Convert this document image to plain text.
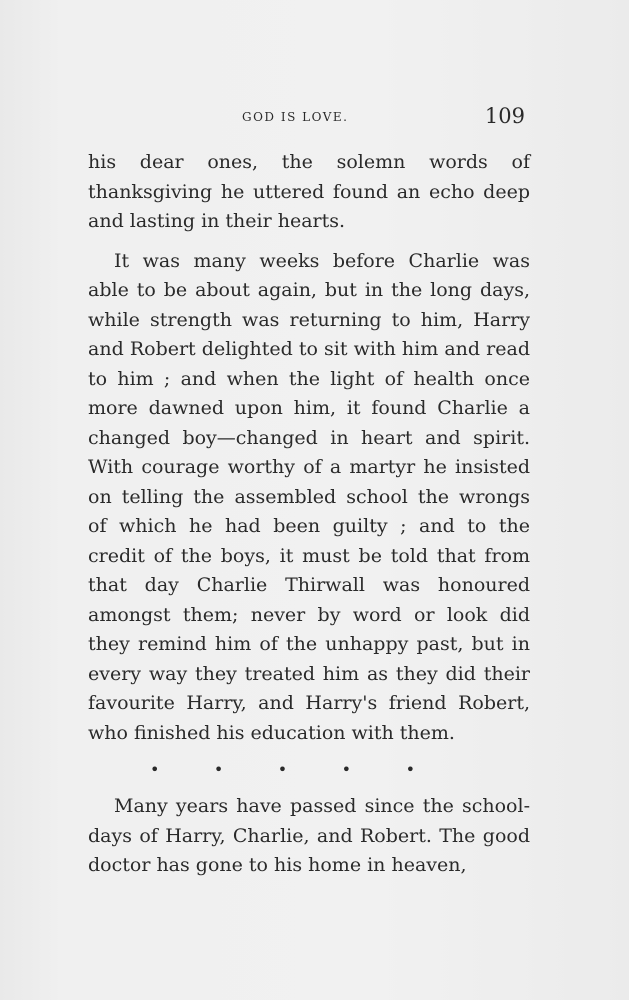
GOD IS LOVE.	109

his dear ones, the solemn words of thanksgiving he uttered found an echo deep and lasting in their hearts.

It was many weeks before Charlie was able to be about again, but in the long days, while strength was returning to him, Harry and Robert delighted to sit with him and read to him ; and when the light of health once more dawned upon him, it found Charlie a changed boy—changed in heart and spirit. With courage worthy of a martyr he insisted on telling the assembled school the wrongs of which he had been guilty ; and to the credit of the boys, it must be told that from that day Charlie Thirwall was honoured amongst them; never by word or look did they remind him of the unhappy past, but in every way they treated him as they did their favourite Harry, and Harry's friend Robert, who finished his education with them.

•	•	•	•	•

Many years have passed since the school-days of Harry, Charlie, and Robert. The good doctor has gone to his home in heaven,
